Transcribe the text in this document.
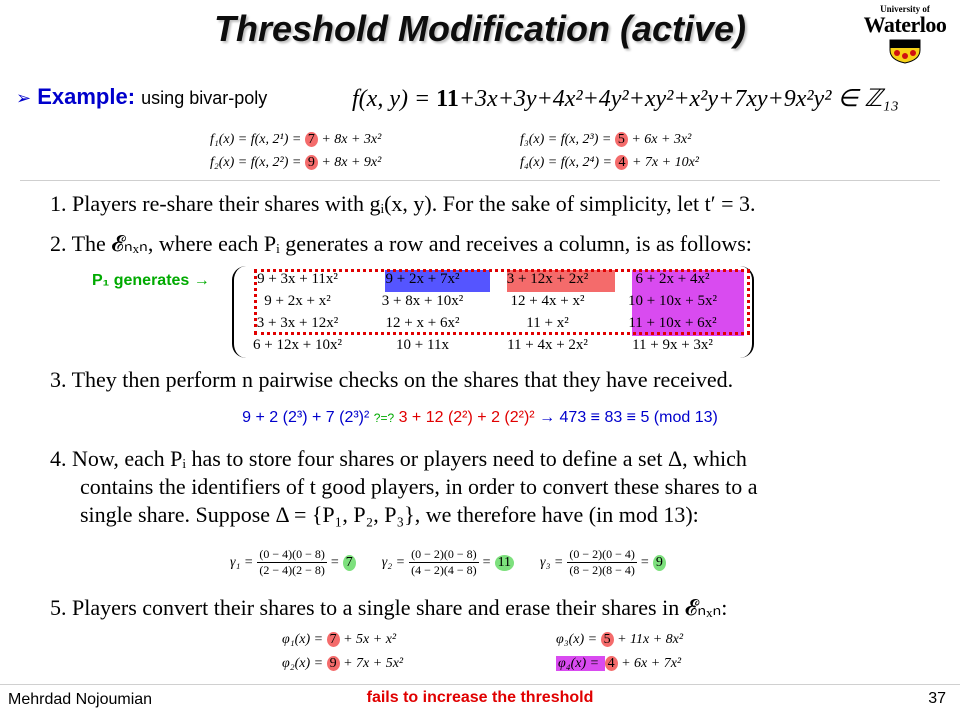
Threshold Modification (active)	University of
Waterloo
➢ Example: using bivar-poly	f(x, y) = 11+3x+3y+4x²+4y²+xy²+x²y+7xy+9x²y² ∈ ℤ₁₃
f₁(x) = f(x, 2¹) = 7 + 8x + 3x²
f₂(x) = f(x, 2²) = 9 + 8x + 9x²
f₃(x) = f(x, 2³) = 5 + 6x + 3x²
f₄(x) = f(x, 2⁴) = 4 + 7x + 10x²
1. Players re-share their shares with gᵢ(x, y). For the sake of simplicity, let t′ = 3.
2. The 𝓔ₙₓₙ, where each Pᵢ generates a row and receives a column, is as follows:
P₁ generates →	9 + 3x + 11x²	9 + 2x + 7x²	3 + 12x + 2x²	6 + 2x + 4x²
9 + 2x + x²	3 + 8x + 10x²	12 + 4x + x²	10 + 10x + 5x²
3 + 3x + 12x²	12 + x + 6x²	11 + x²	11 + 10x + 6x²
6 + 12x + 10x²	10 + 11x	11 + 4x + 2x²	11 + 9x + 3x²
3. They then perform n pairwise checks on the shares that they have received.
9 + 2 (2³) + 7 (2³)² ?=? 3 + 12 (2²) + 2 (2²)² → 473 ≡ 83 ≡ 5 (mod 13)
4. Now, each Pᵢ has to store four shares or players need to define a set Δ, which
contains the identifiers of t good players, in order to convert these shares to a
single share. Suppose Δ = {P₁, P₂, P₃}, we therefore have (in mod 13):
$\gamma_1 = \frac{(0 - 4)(0 - 8)}{(2 - 4)(2 - 8)} = 7$ $\gamma_2 = \frac{(0 - 2)(0 - 8)}{(4 - 2)(4 - 8)} = 11$ $\gamma_3 = \frac{(0 - 2)(0 - 4)}{(8 - 2)(8 - 4)} = 9$
5. Players convert their shares to a single share and erase their shares in 𝓔ₙₓₙ:
φ₁(x) = 7 + 5x + x²
φ₂(x) = 9 + 7x + 5x²
φ₃(x) = 5 + 11x + 8x²
φ₄(x) = 4 + 6x + 7x²
Mehrdad Nojoumian	fails to increase the threshold	37
